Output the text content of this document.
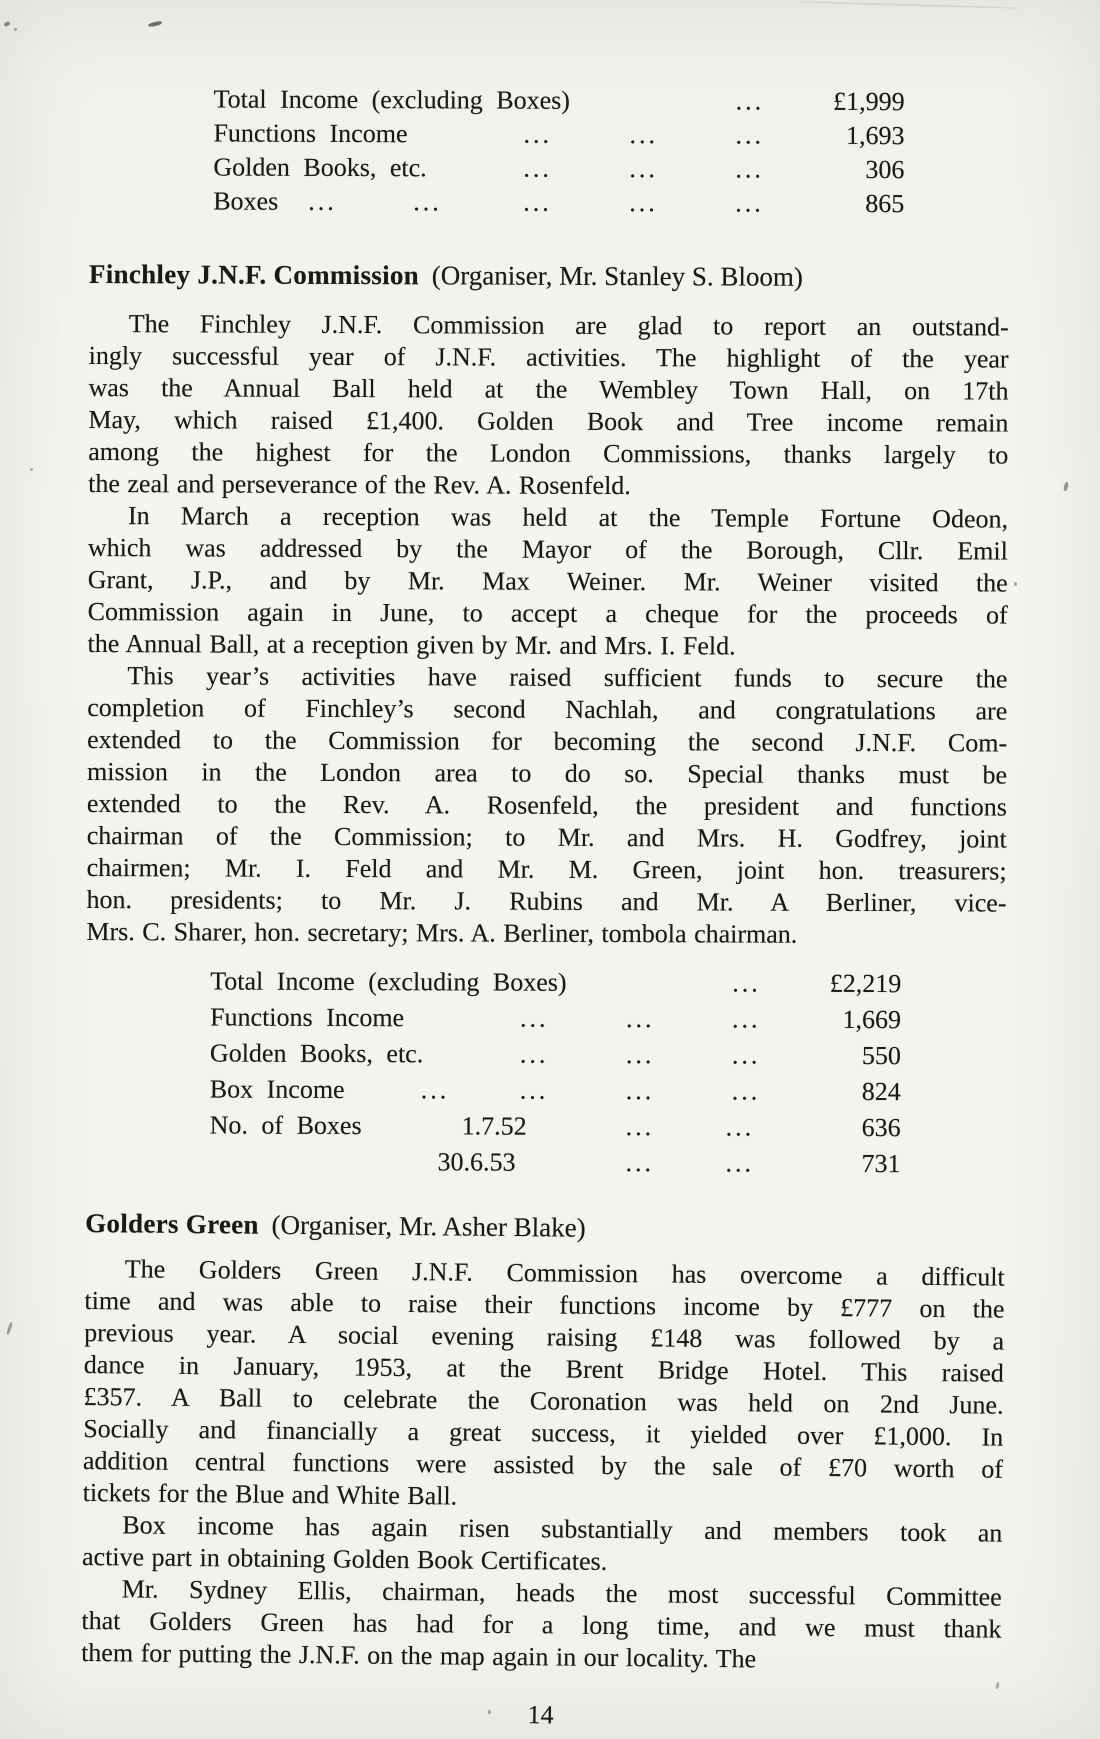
Total Income (excluding Boxes)	...	£1,999
Functions Income	...	...	...	1,693
Golden Books, etc.	...	...	...	306
Boxes ...	...	...	...	...	865
Finchley J.N.F. Commission (Organiser, Mr. Stanley S. Bloom)
The Finchley J.N.F. Commission are glad to report an outstand-
ingly successful year of J.N.F. activities. The highlight of the year
was the Annual Ball held at the Wembley Town Hall, on 17th
May, which raised £1,400. Golden Book and Tree income remain
among the highest for the London Commissions, thanks largely to
the zeal and perseverance of the Rev. A. Rosenfeld.
In March a reception was held at the Temple Fortune Odeon,
which was addressed by the Mayor of the Borough, Cllr. Emil
Grant, J.P., and by Mr. Max Weiner. Mr. Weiner visited the
Commission again in June, to accept a cheque for the proceeds of
the Annual Ball, at a reception given by Mr. and Mrs. I. Feld.
This year’s activities have raised sufficient funds to secure the
completion of Finchley’s second Nachlah, and congratulations are
extended to the Commission for becoming the second J.N.F. Com-
mission in the London area to do so. Special thanks must be
extended to the Rev. A. Rosenfeld, the president and functions
chairman of the Commission; to Mr. and Mrs. H. Godfrey, joint
chairmen; Mr. I. Feld and Mr. M. Green, joint hon. treasurers;
hon. presidents; to Mr. J. Rubins and Mr. A Berliner, vice-
Mrs. C. Sharer, hon. secretary; Mrs. A. Berliner, tombola chairman.
Total Income (excluding Boxes)	...	£2,219
Functions Income	...	...	...	1,669
Golden Books, etc.	...	...	...	550
Box Income	...	...	...	...	824
No. of Boxes	1.7.52	...	...	636
30.6.53	...	...	731
Golders Green (Organiser, Mr. Asher Blake)
The Golders Green J.N.F. Commission has overcome a difficult
time and was able to raise their functions income by £777 on the
previous year. A social evening raising £148 was followed by a
dance in January, 1953, at the Brent Bridge Hotel. This raised
£357. A Ball to celebrate the Coronation was held on 2nd June.
Socially and financially a great success, it yielded over £1,000. In
addition central functions were assisted by the sale of £70 worth of
tickets for the Blue and White Ball.
Box income has again risen substantially and members took an
active part in obtaining Golden Book Certificates.
Mr. Sydney Ellis, chairman, heads the most successful Committee
that Golders Green has had for a long time, and we must thank
them for putting the J.N.F. on the map again in our locality. The
14
